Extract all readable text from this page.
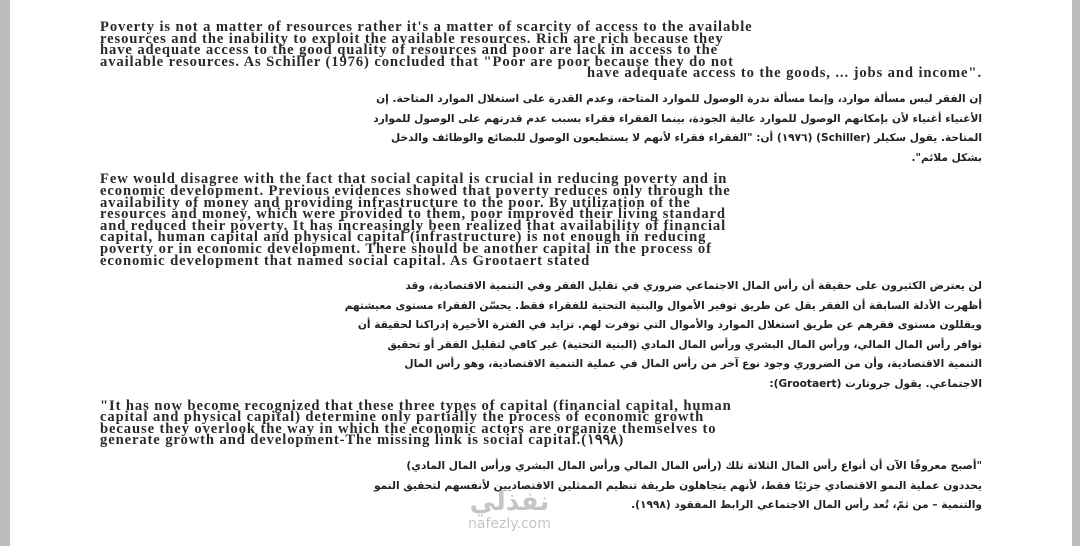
Poverty is not a matter of resources rather it's a matter of scarcity of access to the available
resources and the inability to exploit the available resources. Rich are rich because they
have adequate access to the good quality of resources and poor are lack in access to the
available resources. As Schiller (1976) concluded that "Poor are poor because they do not
have adequate access to the goods, ... jobs and income".

إن الفقر ليس مسألة موارد، وإنما مسألة ندرة الوصول للموارد المتاحة، وعدم القدرة على استغلال الموارد المتاحة. إن
الأغنياء أغنياء لأن بإمكانهم الوصول للموارد عالية الجودة، بينما الفقراء فقراء بسبب عدم قدرتهم على الوصول للموارد
المتاحة. يقول سكيلر (Schiller) (١٩٧٦) أن: "الفقراء فقراء لأنهم لا يستطيعون الوصول للبضائع والوظائف والدخل
بشكل ملائم".

Few would disagree with the fact that social capital is crucial in reducing poverty and in
economic development. Previous evidences showed that poverty reduces only through the
availability of money and providing infrastructure to the poor. By utilization of the
resources and money, which were provided to them, poor improved their living standard
and reduced their poverty. It has increasingly been realized that availability of financial
capital, human capital and physical capital (infrastructure) is not enough in reducing
poverty or in economic development. There should be another capital in the process of
economic development that named social capital. As Grootaert stated

لن يعترض الكثيرون على حقيقة أن رأس المال الاجتماعي ضروري في تقليل الفقر وفي التنمية الاقتصادية، وقد
أظهرت الأدلة السابقة أن الفقر يقل عن طريق توفير الأموال والبنية التحتية للفقراء فقط. يحسّن الفقراء مستوى معيشتهم
ويقللون مستوى فقرهم عن طريق استغلال الموارد والأموال التي توفرت لهم. تزايد في الفترة الأخيرة إدراكنا لحقيقة أن
توافر رأس المال المالي، ورأس المال البشري ورأس المال المادي (البنية التحتية) غير كافي لتقليل الفقر أو تحقيق
التنمية الاقتصادية، وأن من الضروري وجود نوع آخر من رأس المال في عملية التنمية الاقتصادية، وهو رأس المال
الاجتماعي. يقول جروتارت (Grootaert):

"It has now become recognized that these three types of capital (financial capital, human
capital and physical capital) determine only partially the process of economic growth
because they overlook the way in which the economic actors are organize themselves to
generate growth and development-The missing link is social capital.(١٩٩٨)

"أصبح معروفًا الآن أن أنواع رأس المال الثلاثة تلك (رأس المال المالي ورأس المال البشري ورأس المال المادي)
يحددون عملية النمو الاقتصادي جزئيًا فقط، لأنهم يتجاهلون طريقة تنظيم الممثلين الاقتصاديين لأنفسهم لتحقيق النمو
والتنمية – من ثمّ، تُعد رأس المال الاجتماعي الرابط المفقود (١٩٩٨).

نفذلي
nafezly.com
